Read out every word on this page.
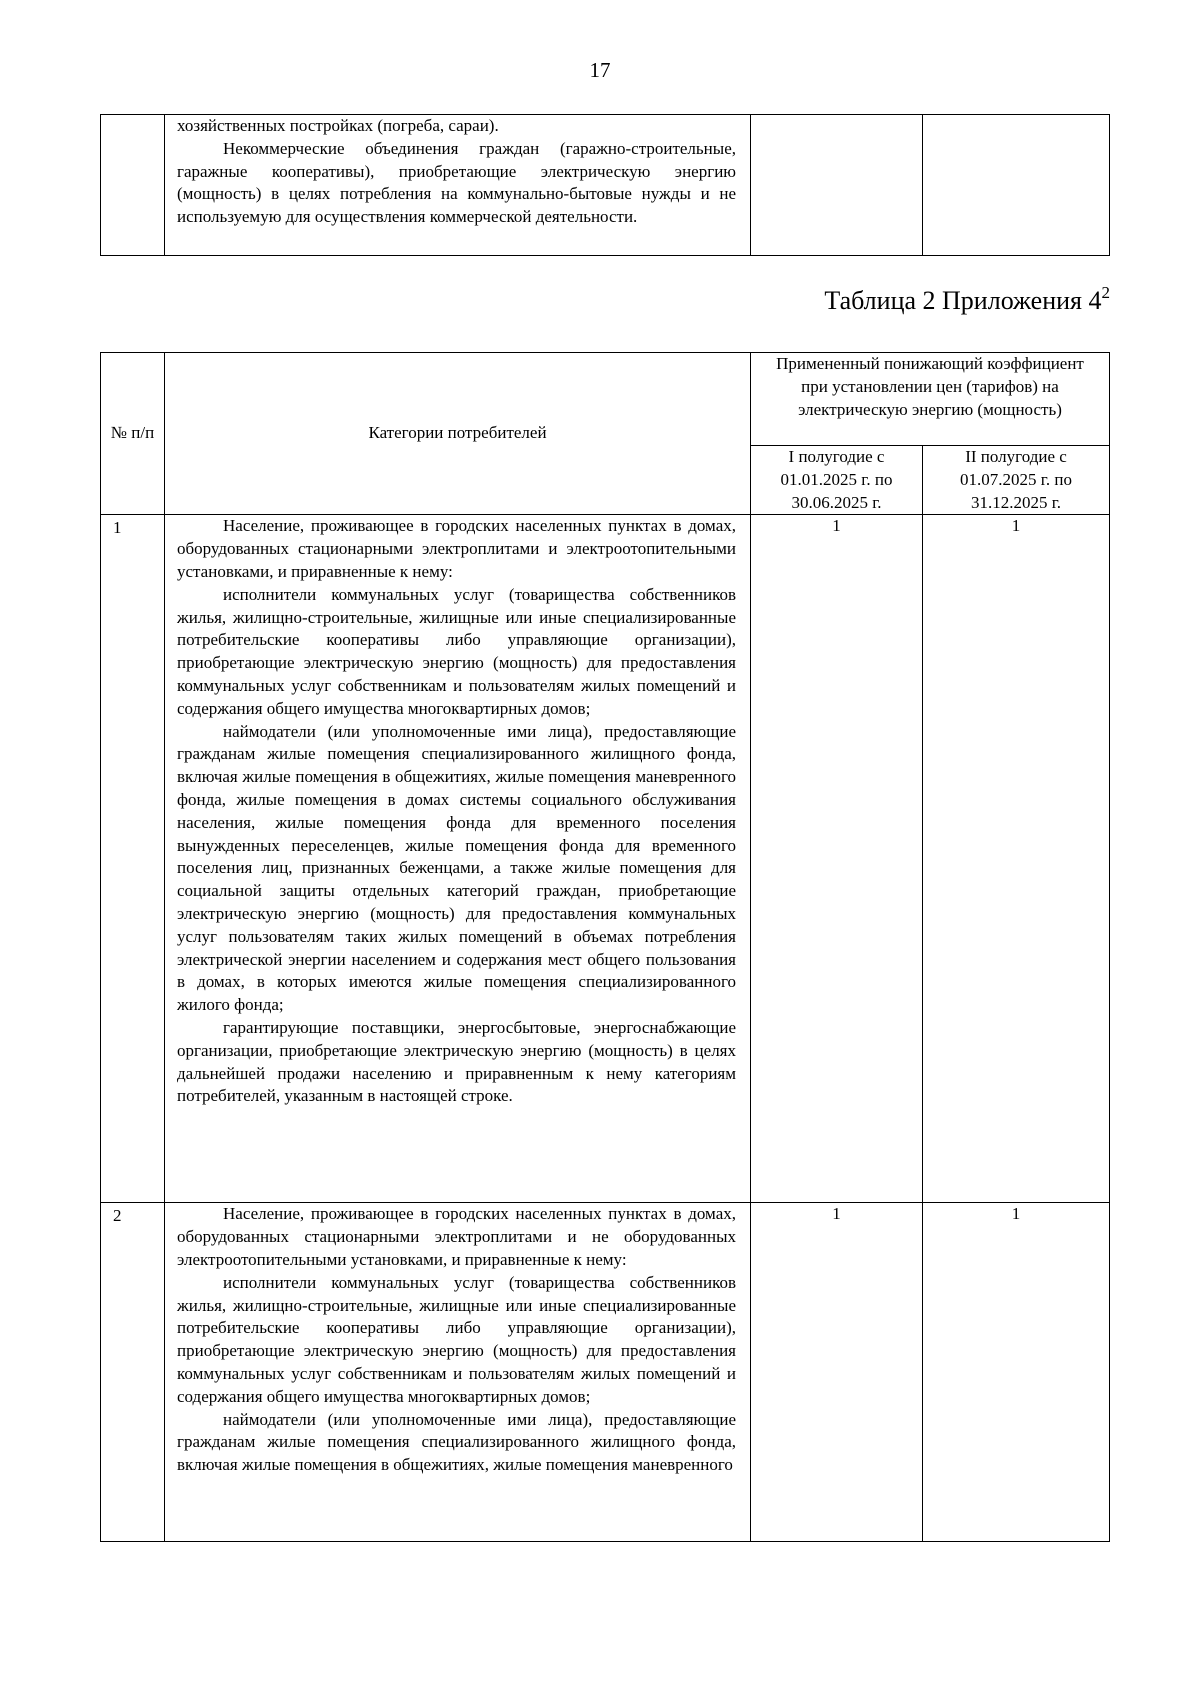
17

хозяйственных постройках (погреба, сараи).

Некоммерческие объединения граждан (гаражно-строительные, гаражные кооперативы), приобретающие электрическую энергию (мощность) в целях потребления на коммунально-бытовые нужды и не используемую для осуществления коммерческой деятельности.

Таблица 2 Приложения $4^2$
№ п/п	Категории потребителей	Примененный понижающий коэффициент при установлении цен (тарифов) на электрическую энергию (мощность)	
		I полугодие с 01.01.2025 г. по 30.06.2025 г.	II полугодие с 01.07.2025 г. по 31.12.2025 г.
1	Население, проживающее в городских населенных пунктах в домах, оборудованных стационарными электроплитами и электроотопительными установками, и приравненные к нему:

исполнители коммунальных услуг (товарищества собственников жилья, жилищно-строительные, жилищные или иные специализированные потребительские кооперативы либо управляющие организации), приобретающие электрическую энергию (мощность) для предоставления коммунальных услуг собственникам и пользователям жилых помещений и содержания общего имущества многоквартирных домов;

наймодатели (или уполномоченные ими лица), предоставляющие гражданам жилые помещения специализированного жилищного фонда, включая жилые помещения в общежитиях, жилые помещения маневренного фонда, жилые помещения в домах системы социального обслуживания населения, жилые помещения фонда для временного поселения вынужденных переселенцев, жилые помещения фонда для временного поселения лиц, признанных беженцами, а также жилые помещения для социальной защиты отдельных категорий граждан, приобретающие электрическую энергию (мощность) для предоставления коммунальных услуг пользователям таких жилых помещений в объемах потребления электрической энергии населением и содержания мест общего пользования в домах, в которых имеются жилые помещения специализированного жилого фонда;

гарантирующие поставщики, энергосбытовые, энергоснабжающие организации, приобретающие электрическую энергию (мощность) в целях дальнейшей продажи населению и приравненным к нему категориям потребителей, указанным в настоящей строке.	1	1
2	Население, проживающее в городских населенных пунктах в домах, оборудованных стационарными электроплитами и не оборудованных электроотопительными установками, и приравненные к нему:

исполнители коммунальных услуг (товарищества собственников жилья, жилищно-строительные, жилищные или иные специализированные потребительские кооперативы либо управляющие организации), приобретающие электрическую энергию (мощность) для предоставления коммунальных услуг собственникам и пользователям жилых помещений и содержания общего имущества многоквартирных домов;

наймодатели (или уполномоченные ими лица), предоставляющие гражданам жилые помещения специализированного жилищного фонда, включая жилые помещения в общежитиях, жилые помещения маневренного	1	1
